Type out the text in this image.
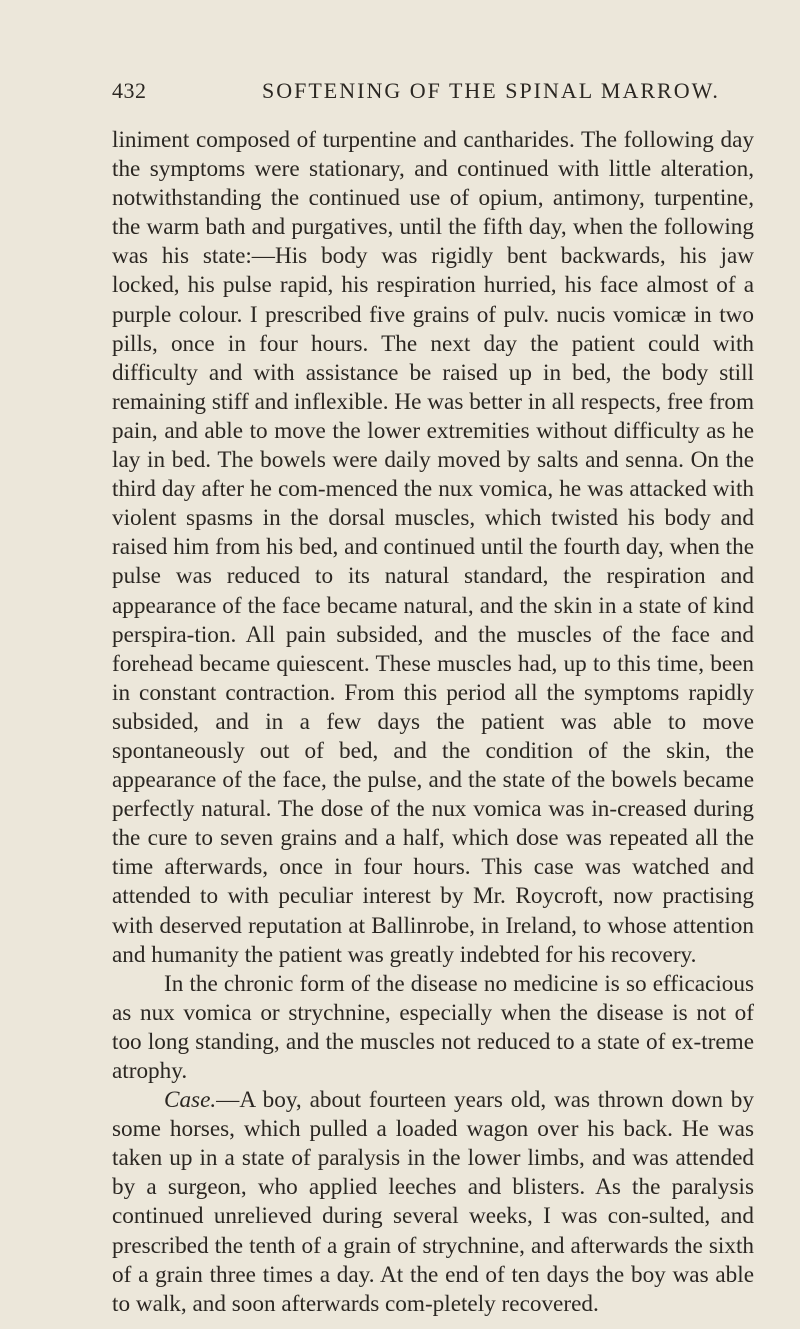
432	SOFTENING OF THE SPINAL MARROW.

liniment composed of turpentine and cantharides. The following day the symptoms were stationary, and continued with little alteration, notwithstanding the continued use of opium, antimony, turpentine, the warm bath and purgatives, until the fifth day, when the following was his state:—His body was rigidly bent backwards, his jaw locked, his pulse rapid, his respiration hurried, his face almost of a purple colour. I prescribed five grains of pulv. nucis vomicæ in two pills, once in four hours. The next day the patient could with difficulty and with assistance be raised up in bed, the body still remaining stiff and inflexible. He was better in all respects, free from pain, and able to move the lower extremities without difficulty as he lay in bed. The bowels were daily moved by salts and senna. On the third day after he com-menced the nux vomica, he was attacked with violent spasms in the dorsal muscles, which twisted his body and raised him from his bed, and continued until the fourth day, when the pulse was reduced to its natural standard, the respiration and appearance of the face became natural, and the skin in a state of kind perspira-tion. All pain subsided, and the muscles of the face and forehead became quiescent. These muscles had, up to this time, been in constant contraction. From this period all the symptoms rapidly subsided, and in a few days the patient was able to move spontaneously out of bed, and the condition of the skin, the appearance of the face, the pulse, and the state of the bowels became perfectly natural. The dose of the nux vomica was in-creased during the cure to seven grains and a half, which dose was repeated all the time afterwards, once in four hours. This case was watched and attended to with peculiar interest by Mr. Roycroft, now practising with deserved reputation at Ballinrobe, in Ireland, to whose attention and humanity the patient was greatly indebted for his recovery.

In the chronic form of the disease no medicine is so efficacious as nux vomica or strychnine, especially when the disease is not of too long standing, and the muscles not reduced to a state of ex-treme atrophy.

Case.—A boy, about fourteen years old, was thrown down by some horses, which pulled a loaded wagon over his back. He was taken up in a state of paralysis in the lower limbs, and was attended by a surgeon, who applied leeches and blisters. As the paralysis continued unrelieved during several weeks, I was con-sulted, and prescribed the tenth of a grain of strychnine, and afterwards the sixth of a grain three times a day. At the end of ten days the boy was able to walk, and soon afterwards com-pletely recovered.
